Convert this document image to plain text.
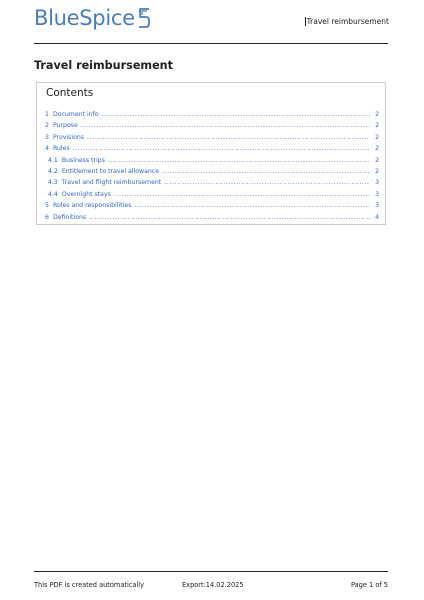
BlueSpice	Travel reimbursement
Travel reimbursement
Contents
1 Document info .....	2
2 Purpose .....	2
3 Provisions .....	2
4 Rules .....	2
4.1 Business trips .....	2
4.2 Entitlement to travel allowance .....	2
4.3 Travel and flight reimbursement .....	3
4.4 Overnight stays .....	3
5 Roles and responsibilities .....	3
6 Definitions .....	4
This PDF is created automatically	Export:14.02.2025	Page 1 of 5
